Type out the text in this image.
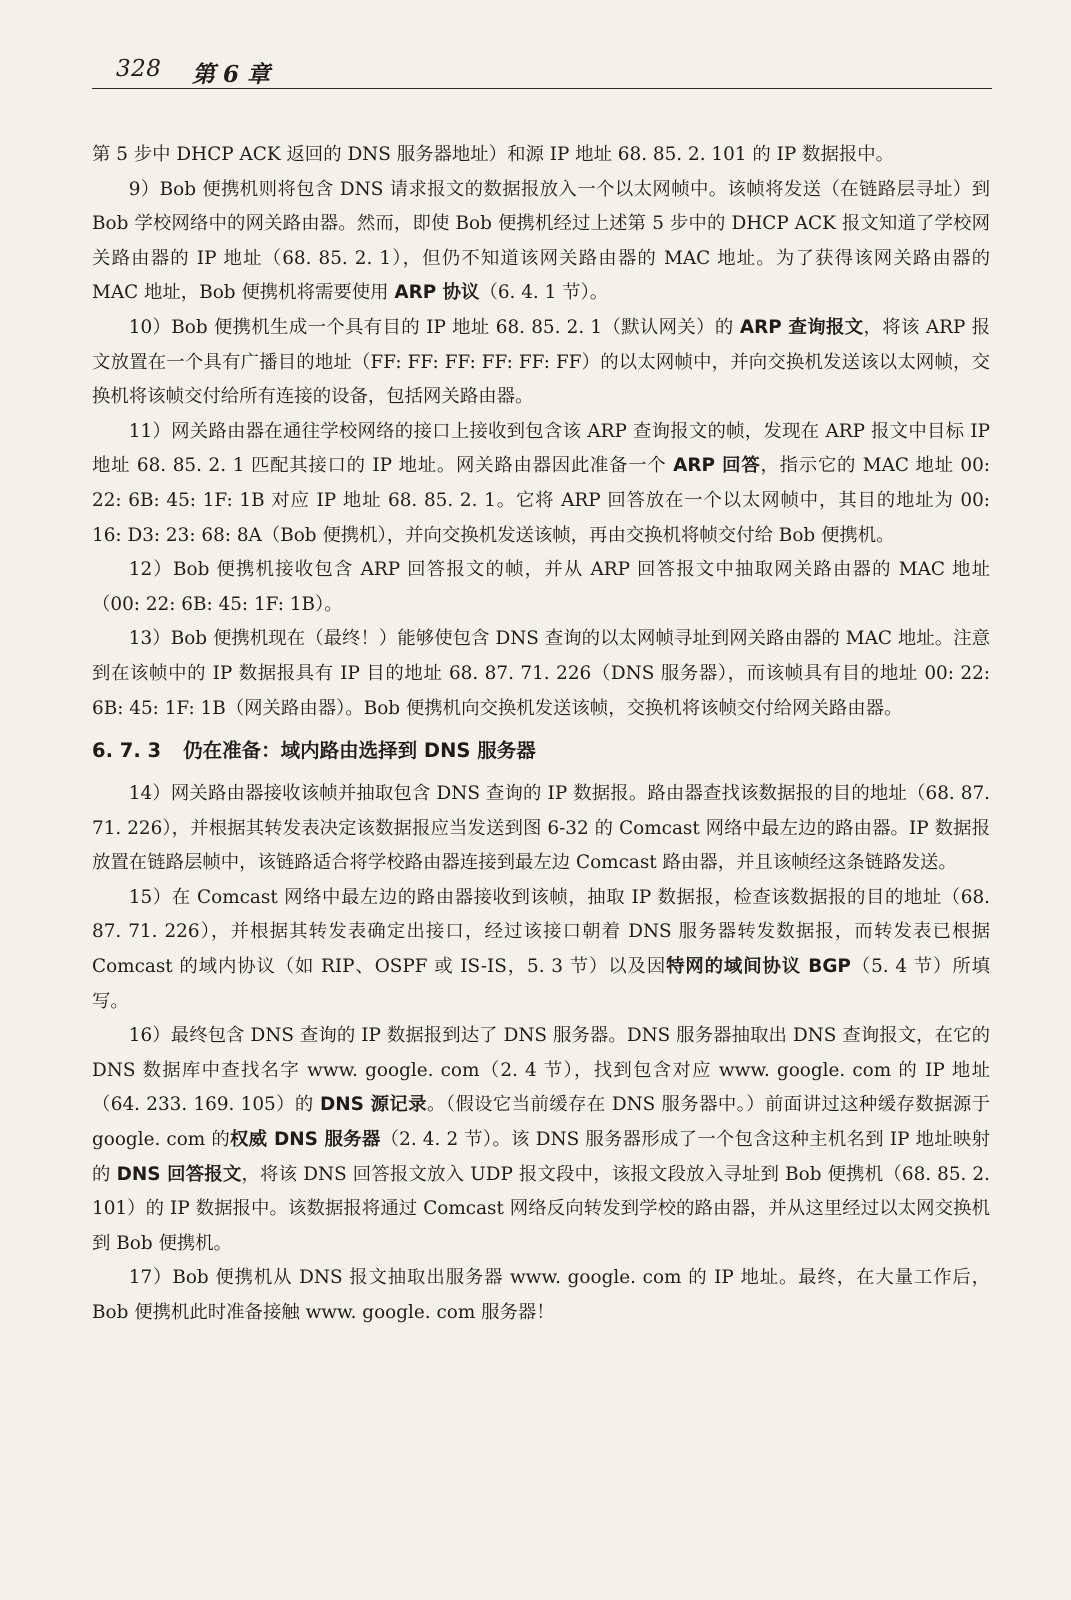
328 第 6 章

第 5 步中 DHCP ACK 返回的 DNS 服务器地址）和源 IP 地址 68. 85. 2. 101 的 IP 数据报中。

9）Bob 便携机则将包含 DNS 请求报文的数据报放入一个以太网帧中。该帧将发送（在链路层寻址）到 Bob 学校网络中的网关路由器。然而，即使 Bob 便携机经过上述第 5 步中的 DHCP ACK 报文知道了学校网关路由器的 IP 地址（68. 85. 2. 1），但仍不知道该网关路由器的 MAC 地址。为了获得该网关路由器的 MAC 地址，Bob 便携机将需要使用 ARP 协议（6. 4. 1 节）。

10）Bob 便携机生成一个具有目的 IP 地址 68. 85. 2. 1（默认网关）的 ARP 查询报文，将该 ARP 报文放置在一个具有广播目的地址（FF: FF: FF: FF: FF: FF）的以太网帧中，并向交换机发送该以太网帧，交换机将该帧交付给所有连接的设备，包括网关路由器。

11）网关路由器在通往学校网络的接口上接收到包含该 ARP 查询报文的帧，发现在 ARP 报文中目标 IP 地址 68. 85. 2. 1 匹配其接口的 IP 地址。网关路由器因此准备一个 ARP 回答，指示它的 MAC 地址 00: 22: 6B: 45: 1F: 1B 对应 IP 地址 68. 85. 2. 1。它将 ARP 回答放在一个以太网帧中，其目的地址为 00: 16: D3: 23: 68: 8A（Bob 便携机），并向交换机发送该帧，再由交换机将帧交付给 Bob 便携机。

12）Bob 便携机接收包含 ARP 回答报文的帧，并从 ARP 回答报文中抽取网关路由器的 MAC 地址（00: 22: 6B: 45: 1F: 1B）。

13）Bob 便携机现在（最终！）能够使包含 DNS 查询的以太网帧寻址到网关路由器的 MAC 地址。注意到在该帧中的 IP 数据报具有 IP 目的地址 68. 87. 71. 226（DNS 服务器），而该帧具有目的地址 00: 22: 6B: 45: 1F: 1B（网关路由器）。Bob 便携机向交换机发送该帧，交换机将该帧交付给网关路由器。

6. 7. 3 仍在准备：域内路由选择到 DNS 服务器

14）网关路由器接收该帧并抽取包含 DNS 查询的 IP 数据报。路由器查找该数据报的目的地址（68. 87. 71. 226），并根据其转发表决定该数据报应当发送到图 6-32 的 Comcast 网络中最左边的路由器。IP 数据报放置在链路层帧中，该链路适合将学校路由器连接到最左边 Comcast 路由器，并且该帧经这条链路发送。

15）在 Comcast 网络中最左边的路由器接收到该帧，抽取 IP 数据报，检查该数据报的目的地址（68. 87. 71. 226），并根据其转发表确定出接口，经过该接口朝着 DNS 服务器转发数据报，而转发表已根据 Comcast 的域内协议（如 RIP、OSPF 或 IS-IS，5. 3 节）以及因特网的域间协议 BGP（5. 4 节）所填写。

16）最终包含 DNS 查询的 IP 数据报到达了 DNS 服务器。DNS 服务器抽取出 DNS 查询报文，在它的 DNS 数据库中查找名字 www. google. com（2. 4 节），找到包含对应 www. google. com 的 IP 地址（64. 233. 169. 105）的 DNS 源记录。（假设它当前缓存在 DNS 服务器中。）前面讲过这种缓存数据源于 google. com 的权威 DNS 服务器（2. 4. 2 节）。该 DNS 服务器形成了一个包含这种主机名到 IP 地址映射的 DNS 回答报文，将该 DNS 回答报文放入 UDP 报文段中，该报文段放入寻址到 Bob 便携机（68. 85. 2. 101）的 IP 数据报中。该数据报将通过 Comcast 网络反向转发到学校的路由器，并从这里经过以太网交换机到 Bob 便携机。

17）Bob 便携机从 DNS 报文抽取出服务器 www. google. com 的 IP 地址。最终，在大量工作后，Bob 便携机此时准备接触 www. google. com 服务器！
